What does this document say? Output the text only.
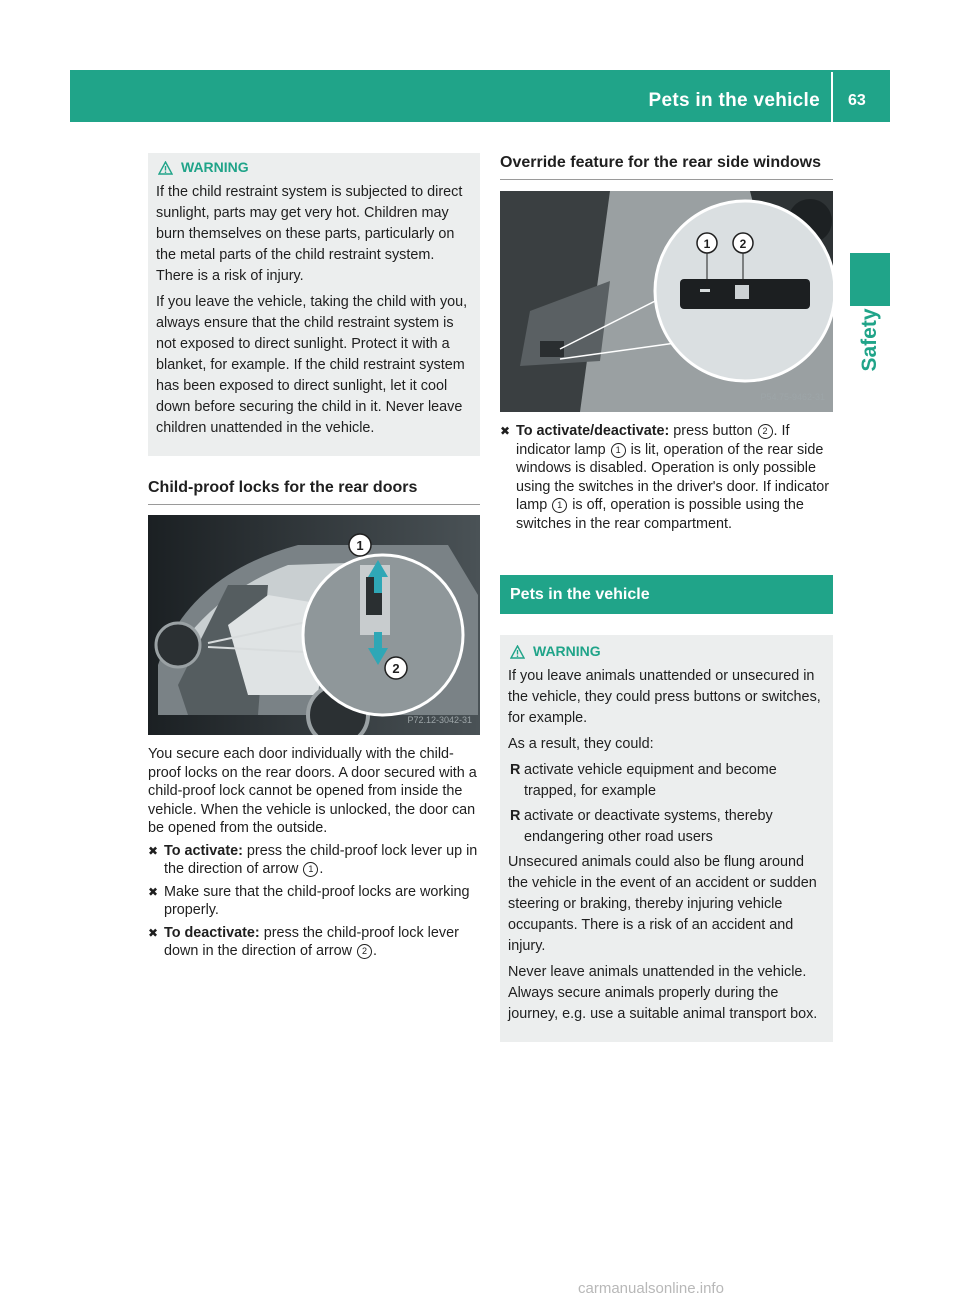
Pets in the vehicle 63
Safety
WARNING

If the child restraint system is subjected to direct sunlight, parts may get very hot. Children may burn themselves on these parts, particularly on the metal parts of the child restraint system. There is a risk of injury.

If you leave the vehicle, taking the child with you, always ensure that the child restraint system is not exposed to direct sunlight. Protect it with a blanket, for example. If the child restraint system has been exposed to direct sunlight, let it cool down before securing the child in it. Never leave children unattended in the vehicle.

Child-proof locks for the rear doors
1
2
P72.12-3042-31

You secure each door individually with the child-proof locks on the rear doors. A door secured with a child-proof lock cannot be opened from inside the vehicle. When the vehicle is unlocked, the door can be opened from the outside.

✖ To activate: press the child-proof lock lever up in the direction of arrow 1 .
✖ Make sure that the child-proof locks are working properly.
✖ To deactivate: press the child-proof lock lever down in the direction of arrow 2 .
Override feature for the rear side windows
1 2
P54.75-9462-31
✖ To activate/deactivate: press button 2 . If indicator lamp 1 is lit, operation of the rear side windows is disabled. Operation is only possible using the switches in the driver's door. If indicator lamp 1 is off, operation is possible using the switches in the rear compartment.
Pets in the vehicle
WARNING

If you leave animals unattended or unsecured in the vehicle, they could press buttons or switches, for example.

As a result, they could:

R activate vehicle equipment and become trapped, for example
R activate or deactivate systems, thereby endangering other road users

Unsecured animals could also be flung around the vehicle in the event of an accident or sudden steering or braking, thereby injuring vehicle occupants. There is a risk of an accident and injury.

Never leave animals unattended in the vehicle. Always secure animals properly during the journey, e.g. use a suitable animal transport box.

carmanualsonline.info
